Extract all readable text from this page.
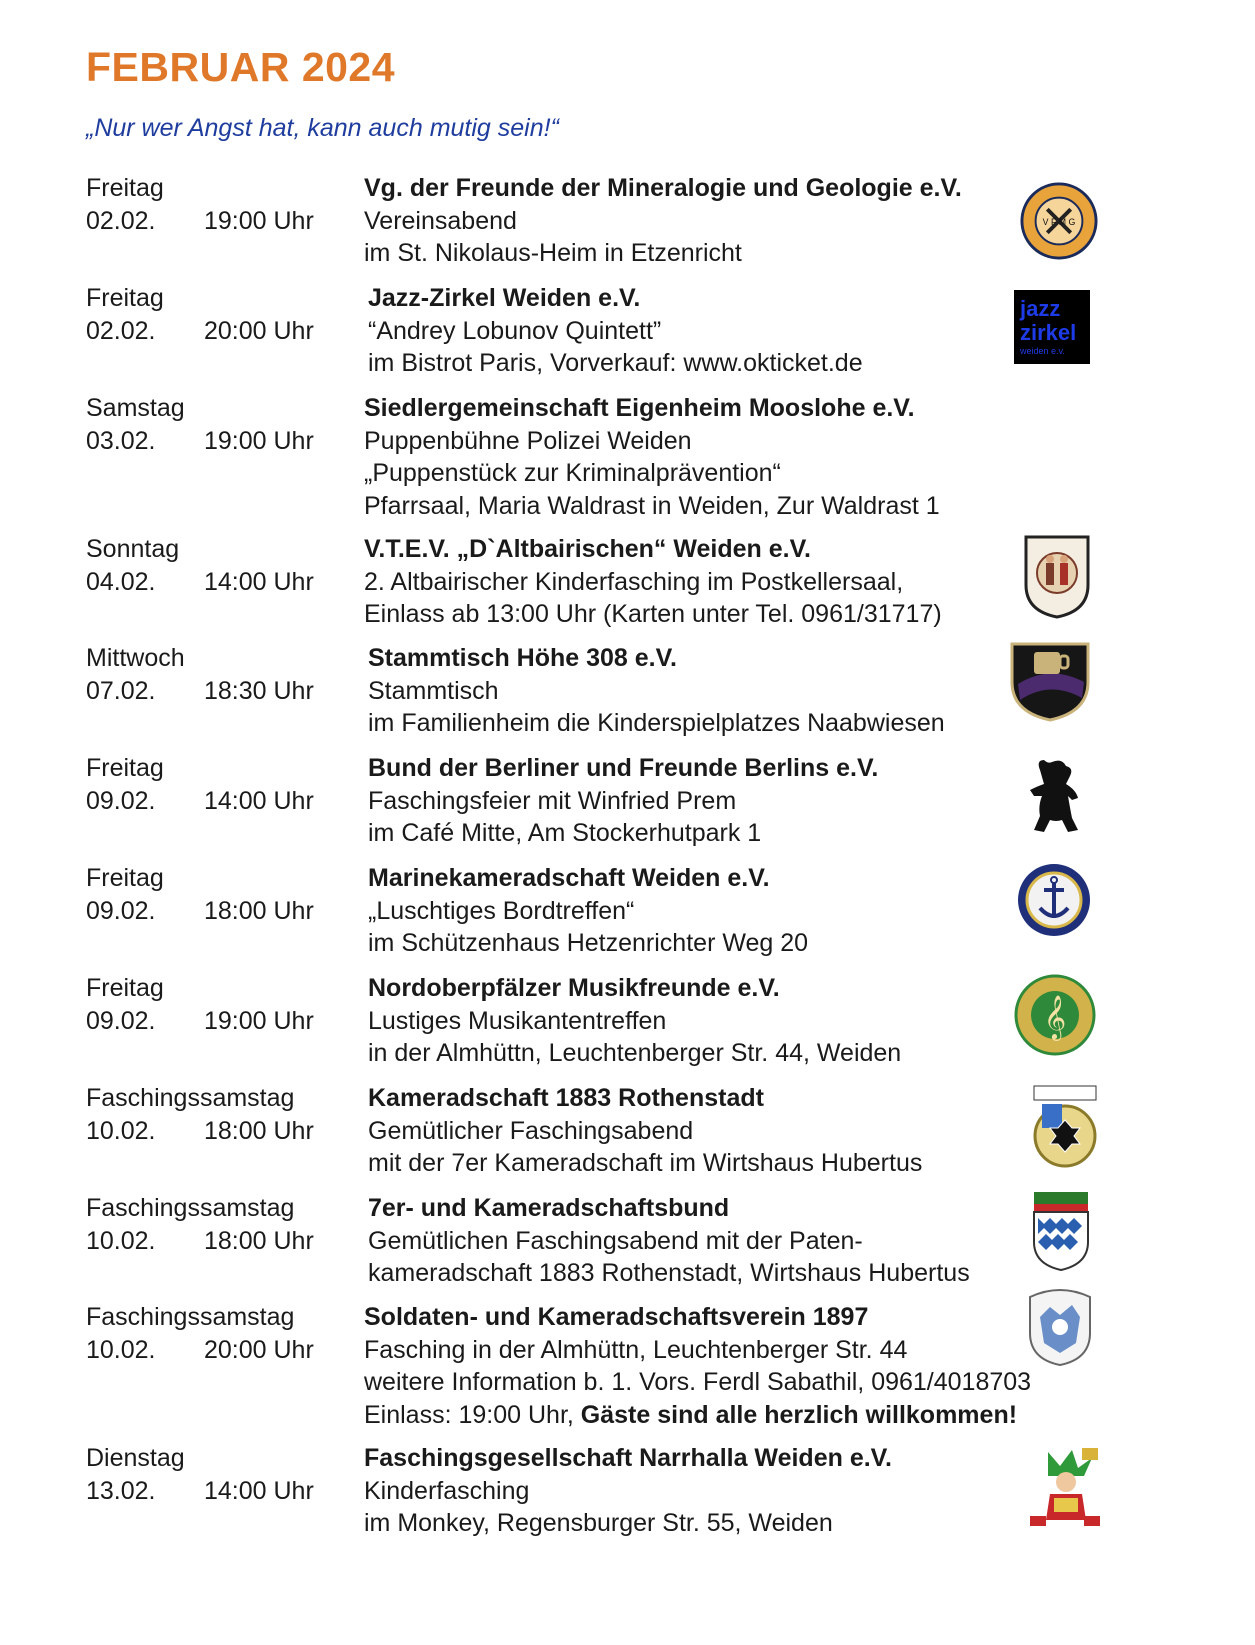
FEBRUAR 2024
„Nur wer Angst hat, kann auch mutig sein!“
Freitag
02.02. 19:00 Uhr
Vg. der Freunde der Mineralogie und Geologie e.V.
Vereinsabend
im St. Nikolaus-Heim in Etzenricht
V F M G
Freitag
02.02. 20:00 Uhr
Jazz-Zirkel Weiden e.V.
“Andrey Lobunov Quintett”
im Bistrot Paris, Vorverkauf: www.okticket.de
jazz
zirkel
weiden e.v.
Samstag
03.02. 19:00 Uhr
Siedlergemeinschaft Eigenheim Mooslohe e.V.
Puppenbühne Polizei Weiden
„Puppenstück zur Kriminalprävention“
Pfarrsaal, Maria Waldrast in Weiden, Zur Waldrast 1
Sonntag
04.02. 14:00 Uhr
V.T.E.V. „D`Altbairischen“ Weiden e.V.
2. Altbairischer Kinderfasching im Postkellersaal,
Einlass ab 13:00 Uhr (Karten unter Tel. 0961/31717)
Mittwoch
07.02. 18:30 Uhr
Stammtisch Höhe 308 e.V.
Stammtisch
im Familienheim die Kinderspielplatzes Naabwiesen
Freitag
09.02. 14:00 Uhr
Bund der Berliner und Freunde Berlins e.V.
Faschingsfeier mit Winfried Prem
im Café Mitte, Am Stockerhutpark 1
Freitag
09.02. 18:00 Uhr
Marinekameradschaft Weiden e.V.
„Luschtiges Bordtreffen“
im Schützenhaus Hetzenrichter Weg 20
Freitag
09.02. 19:00 Uhr
Nordoberpfälzer Musikfreunde e.V.
Lustiges Musikantentreffen
in der Almhüttn, Leuchtenberger Str. 44, Weiden
𝄞
Faschingssamstag
10.02. 18:00 Uhr
Kameradschaft 1883 Rothenstadt
Gemütlicher Faschingsabend
mit der 7er Kameradschaft im Wirtshaus Hubertus
Faschingssamstag
10.02. 18:00 Uhr
7er- und Kameradschaftsbund
Gemütlichen Faschingsabend mit der Paten-
kameradschaft 1883 Rothenstadt, Wirtshaus Hubertus
Faschingssamstag
10.02. 20:00 Uhr
Soldaten- und Kameradschaftsverein 1897
Fasching in der Almhüttn, Leuchtenberger Str. 44
weitere Information b. 1. Vors. Ferdl Sabathil, 0961/4018703
Einlass: 19:00 Uhr, Gäste sind alle herzlich willkommen!
Dienstag
13.02. 14:00 Uhr
Faschingsgesellschaft Narrhalla Weiden e.V.
Kinderfasching
im Monkey, Regensburger Str. 55, Weiden
